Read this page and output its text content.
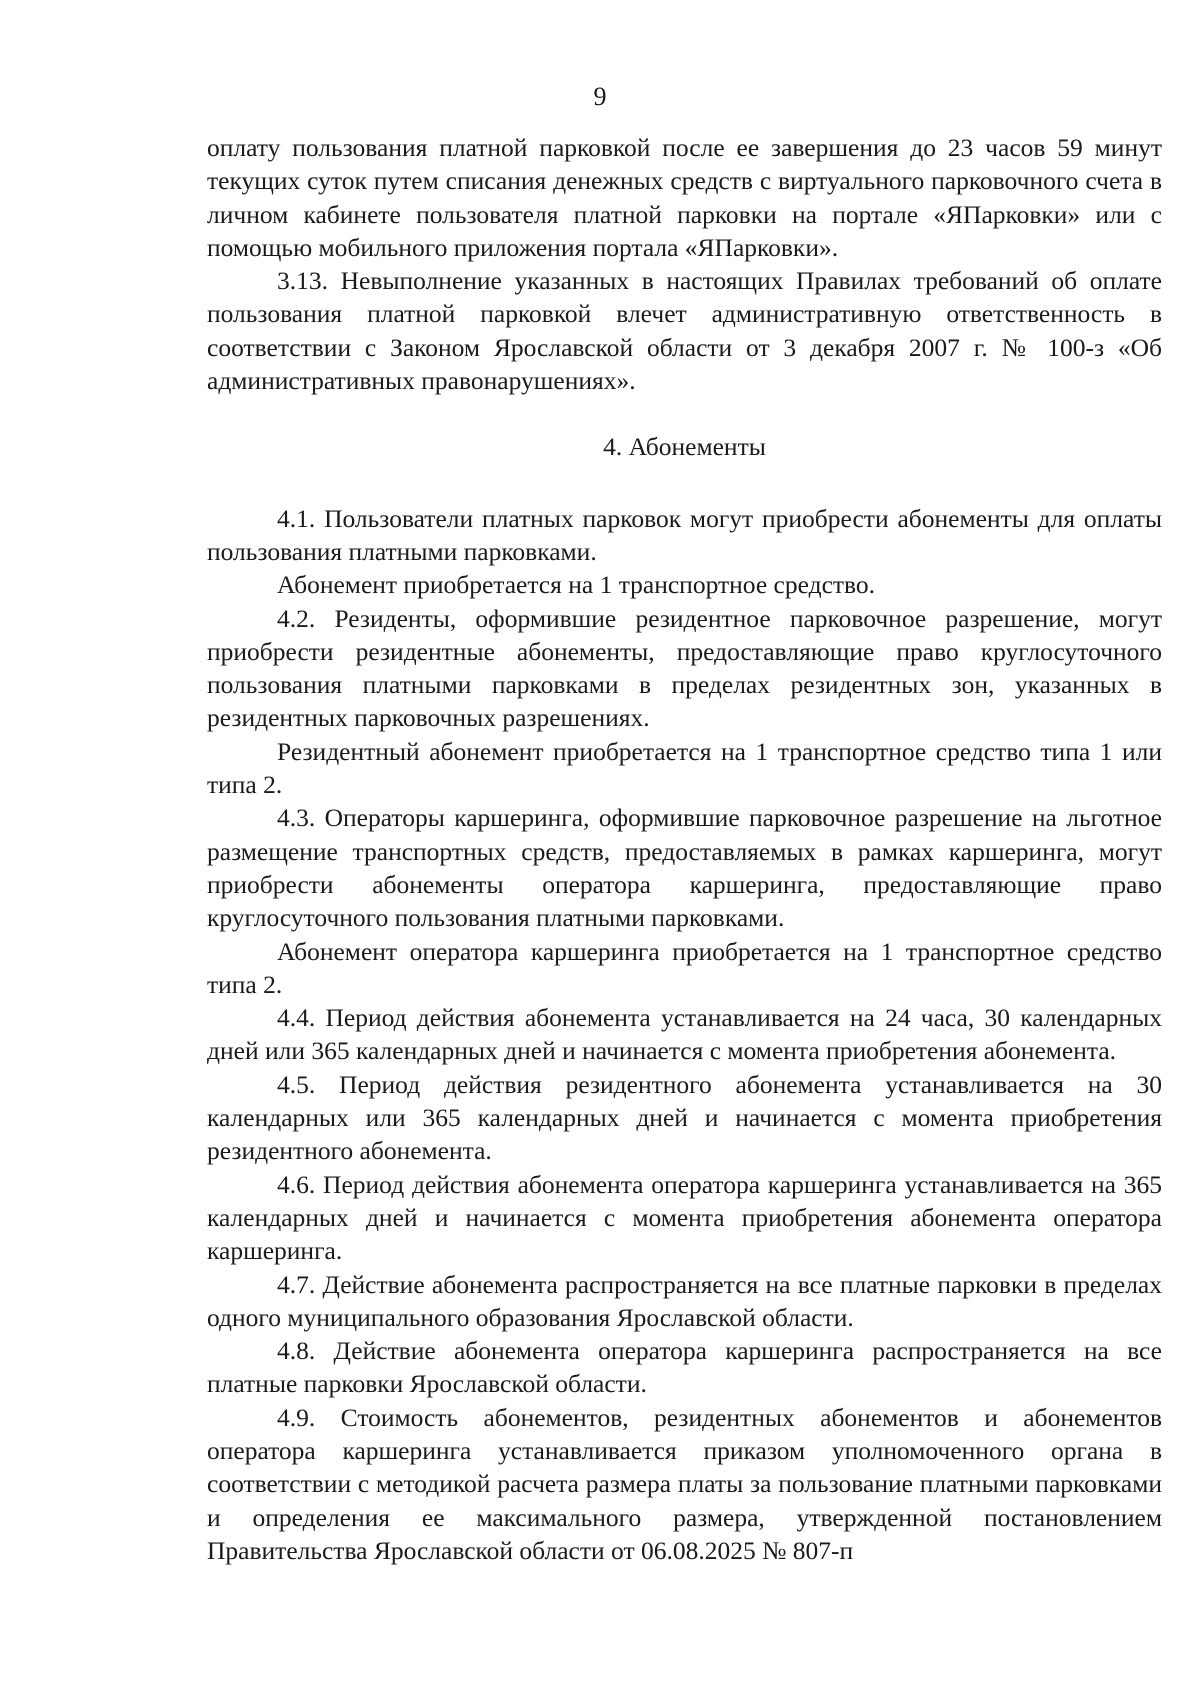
9

оплату пользования платной парковкой после ее завершения до 23 часов 59 минут текущих суток путем списания денежных средств с виртуального парковочного счета в личном кабинете пользователя платной парковки на портале «ЯПарковки» или с помощью мобильного приложения портала «ЯПарковки».

3.13. Невыполнение указанных в настоящих Правилах требований об оплате пользования платной парковкой влечет административную ответственность в соответствии с Законом Ярославской области от 3 декабря 2007 г. № 100-з «Об административных правонарушениях».

4. Абонементы

4.1. Пользователи платных парковок могут приобрести абонементы для оплаты пользования платными парковками.

Абонемент приобретается на 1 транспортное средство.

4.2. Резиденты, оформившие резидентное парковочное разрешение, могут приобрести резидентные абонементы, предоставляющие право круглосуточного пользования платными парковками в пределах резидентных зон, указанных в резидентных парковочных разрешениях.

Резидентный абонемент приобретается на 1 транспортное средство типа 1 или типа 2.

4.3. Операторы каршеринга, оформившие парковочное разрешение на льготное размещение транспортных средств, предоставляемых в рамках каршеринга, могут приобрести абонементы оператора каршеринга, предоставляющие право круглосуточного пользования платными парковками.

Абонемент оператора каршеринга приобретается на 1 транспортное средство типа 2.

4.4. Период действия абонемента устанавливается на 24 часа, 30 календарных дней или 365 календарных дней и начинается с момента приобретения абонемента.

4.5. Период действия резидентного абонемента устанавливается на 30 календарных или 365 календарных дней и начинается с момента приобретения резидентного абонемента.

4.6. Период действия абонемента оператора каршеринга устанавливается на 365 календарных дней и начинается с момента приобретения абонемента оператора каршеринга.

4.7. Действие абонемента распространяется на все платные парковки в пределах одного муниципального образования Ярославской области.

4.8. Действие абонемента оператора каршеринга распространяется на все платные парковки Ярославской области.

4.9. Стоимость абонементов, резидентных абонементов и абонементов оператора каршеринга устанавливается приказом уполномоченного органа в соответствии с методикой расчета размера платы за пользование платными парковками и определения ее максимального размера, утвержденной постановлением Правительства Ярославской области от 06.08.2025 № 807-п
